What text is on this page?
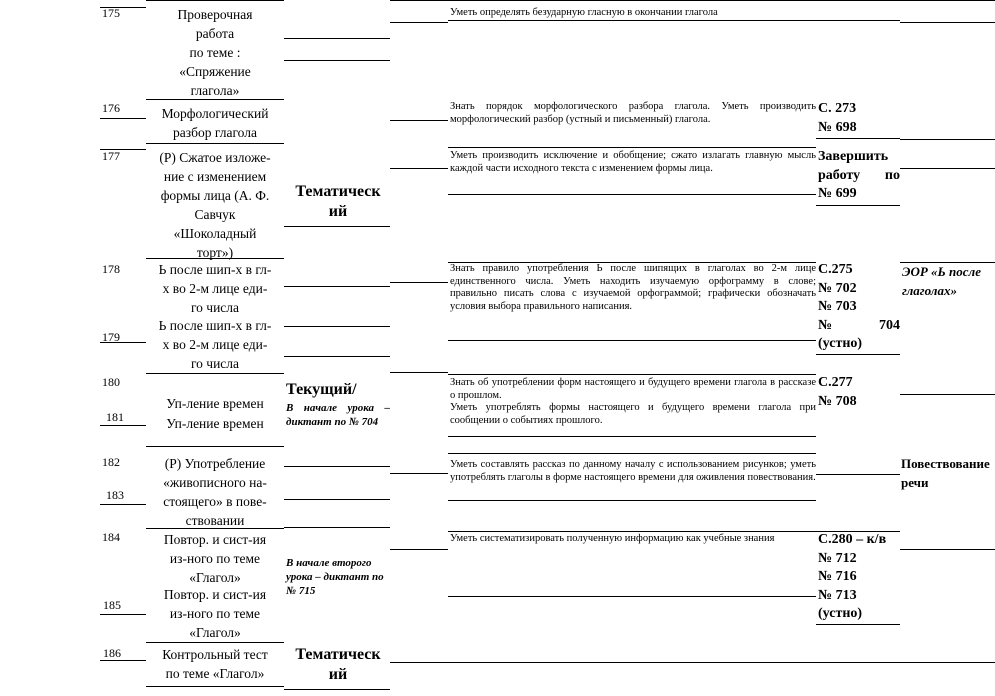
175
176
177
178
179
180
181
182
183
184
185
186
Проверочная
работа
по теме :
«Спряжение
глагола»
Морфологический
разбор глагола
(Р) Сжатое изложе-
ние с изменением
формы лица (А. Ф.
Савчук
«Шоколадный
торт»)
Ь после шип-х в гл-
х во 2-м лице еди-
го числа
Ь после шип-х в гл-
х во 2-м лице еди-
го числа
Уп-ление времен
Уп-ление времен
(Р) Употребление
«живописного на-
стоящего» в пове-
ствовании
Повтор. и сист-ия
из-ного по теме
«Глагол»
Повтор. и сист-ия
из-ного по теме
«Глагол»
Контрольный тест
по теме «Глагол»
Тематическ
ий
Текущий/
В начале урока – диктант по № 704
В начале второго урока – диктант по № 715
Тематическ
ий
Уметь определять безударную гласную в окончании глагола
Знать порядок морфологического разбора глагола. Уметь производить морфологический разбор (устный и письменный) глагола.
Уметь производить исключение и обобщение; сжато излагать главную мысль каждой части исходного текста с изменением формы лица.
Знать правило употребления Ь после шипящих в глаголах во 2-м лице единственного числа. Уметь находить изучаемую орфограмму в слове; правильно писать слова с изучаемой орфограммой; графически обозначать условия выбора правильного написания.
Знать об употреблении форм настоящего и будущего времени глагола в рассказе о прошлом.
Уметь употреблять формы настоящего и будущего времени глагола при сообщении о событиях прошлого.
Уметь составлять рассказ по данному началу с использованием рисунков; уметь употреблять глаголы в форме настоящего времени для оживления повествования.
Уметь систематизировать полученную информацию как учебные знания
С. 273
№ 698
Завершить
работу по
№ 699
С.275
№ 702
№ 703
№ 704
(устно)
С.277
№ 708
С.280 – к/в
№ 712
№ 716
№ 713
(устно)
ЭОР «Ь после
глаголах»
Повествование
речи
